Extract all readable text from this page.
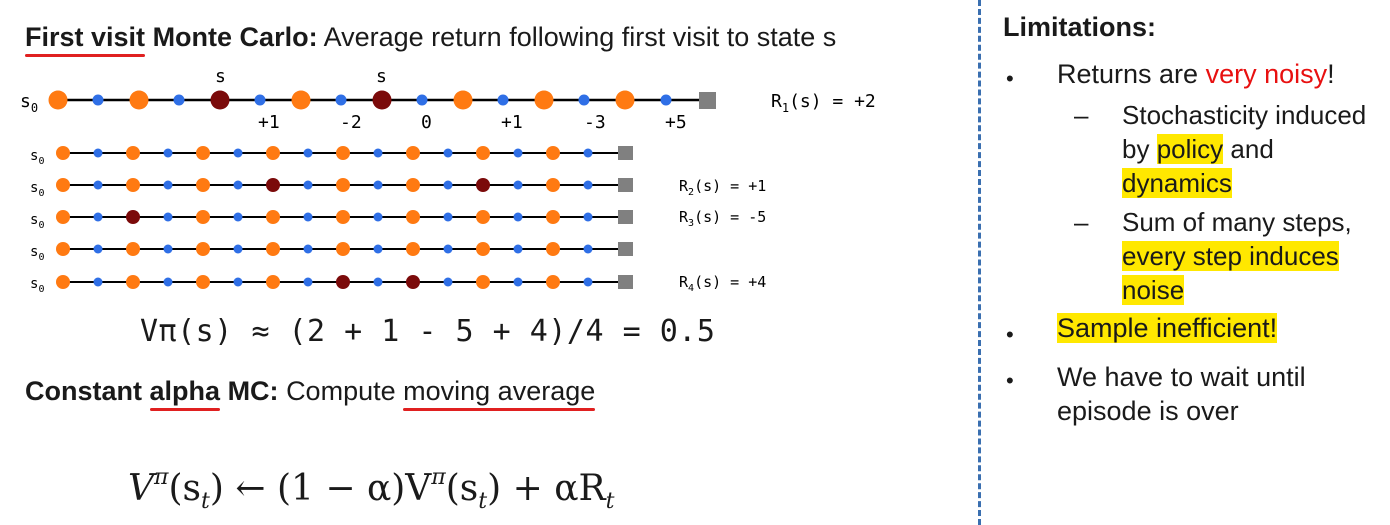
First visit Monte Carlo: Average return following first visit to state s
$s_0$
s	s
+1	-2	0	+1	-3	+5
$R_1(s) = +2$
$s_0$
$s_0$
$s_0$
$s_0$
$s_0$
$R_2(s) = +1$
$R_3(s) = -5$
$R_4(s) = +4$
Vπ(s) ≈ (2 + 1 - 5 + 4)/4 = 0.5
Constant alpha MC: Compute moving average
$V^\pi(s_t)$ ← $(1 - \alpha)V^\pi(s_t) + \alpha R_t$
Limitations:
• Returns are very noisy!
– Stochasticity induced
by policy and
dynamics
– Sum of many steps,
every step induces
noise
• Sample inefficient!
• We have to wait until
episode is over
